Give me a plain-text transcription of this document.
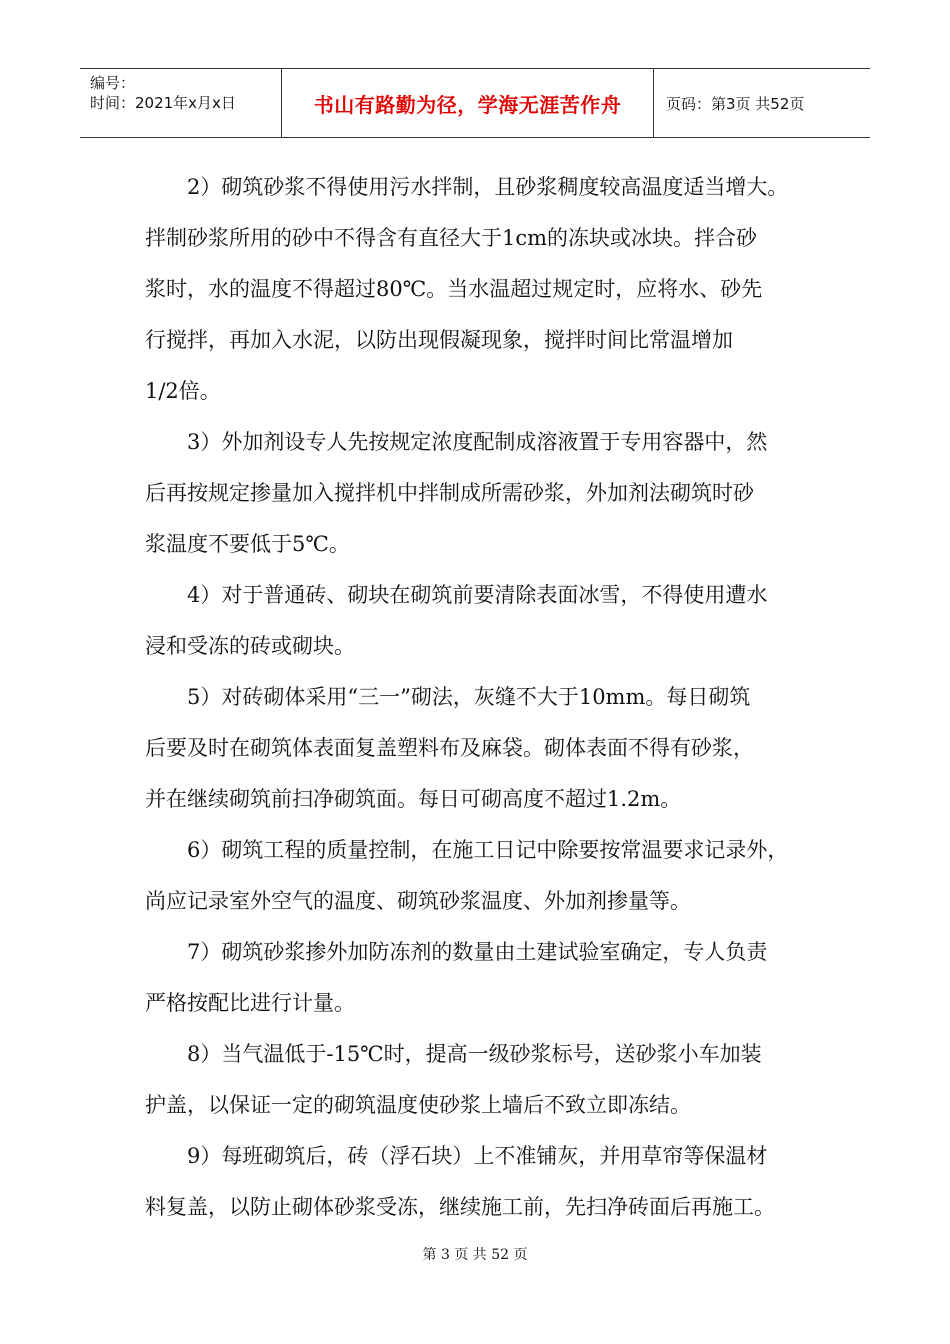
编号：
时间：2021年x月x日	书山有路勤为径，学海无涯苦作舟	页码：第3页 共52页
　　2）砌筑砂浆不得使用污水拌制，且砂浆稠度较高温度适当增大。
拌制砂浆所用的砂中不得含有直径大于1cm的冻块或冰块。拌合砂
浆时，水的温度不得超过80℃。当水温超过规定时，应将水、砂先
行搅拌，再加入水泥，以防出现假凝现象，搅拌时间比常温增加
1/2倍。
　　3）外加剂设专人先按规定浓度配制成溶液置于专用容器中，然
后再按规定掺量加入搅拌机中拌制成所需砂浆，外加剂法砌筑时砂
浆温度不要低于5℃。
　　4）对于普通砖、砌块在砌筑前要清除表面冰雪，不得使用遭水
浸和受冻的砖或砌块。
　　5）对砖砌体采用“三一”砌法，灰缝不大于10mm。每日砌筑
后要及时在砌筑体表面复盖塑料布及麻袋。砌体表面不得有砂浆，
并在继续砌筑前扫净砌筑面。每日可砌高度不超过1.2m。
　　6）砌筑工程的质量控制，在施工日记中除要按常温要求记录外，
尚应记录室外空气的温度、砌筑砂浆温度、外加剂掺量等。
　　7）砌筑砂浆掺外加防冻剂的数量由土建试验室确定，专人负责
严格按配比进行计量。
　　8）当气温低于-15℃时，提高一级砂浆标号，送砂浆小车加装
护盖，以保证一定的砌筑温度使砂浆上墙后不致立即冻结。
　　9）每班砌筑后，砖（浮石块）上不准铺灰，并用草帘等保温材
料复盖，以防止砌体砂浆受冻，继续施工前，先扫净砖面后再施工。
第 3 页 共 52 页
